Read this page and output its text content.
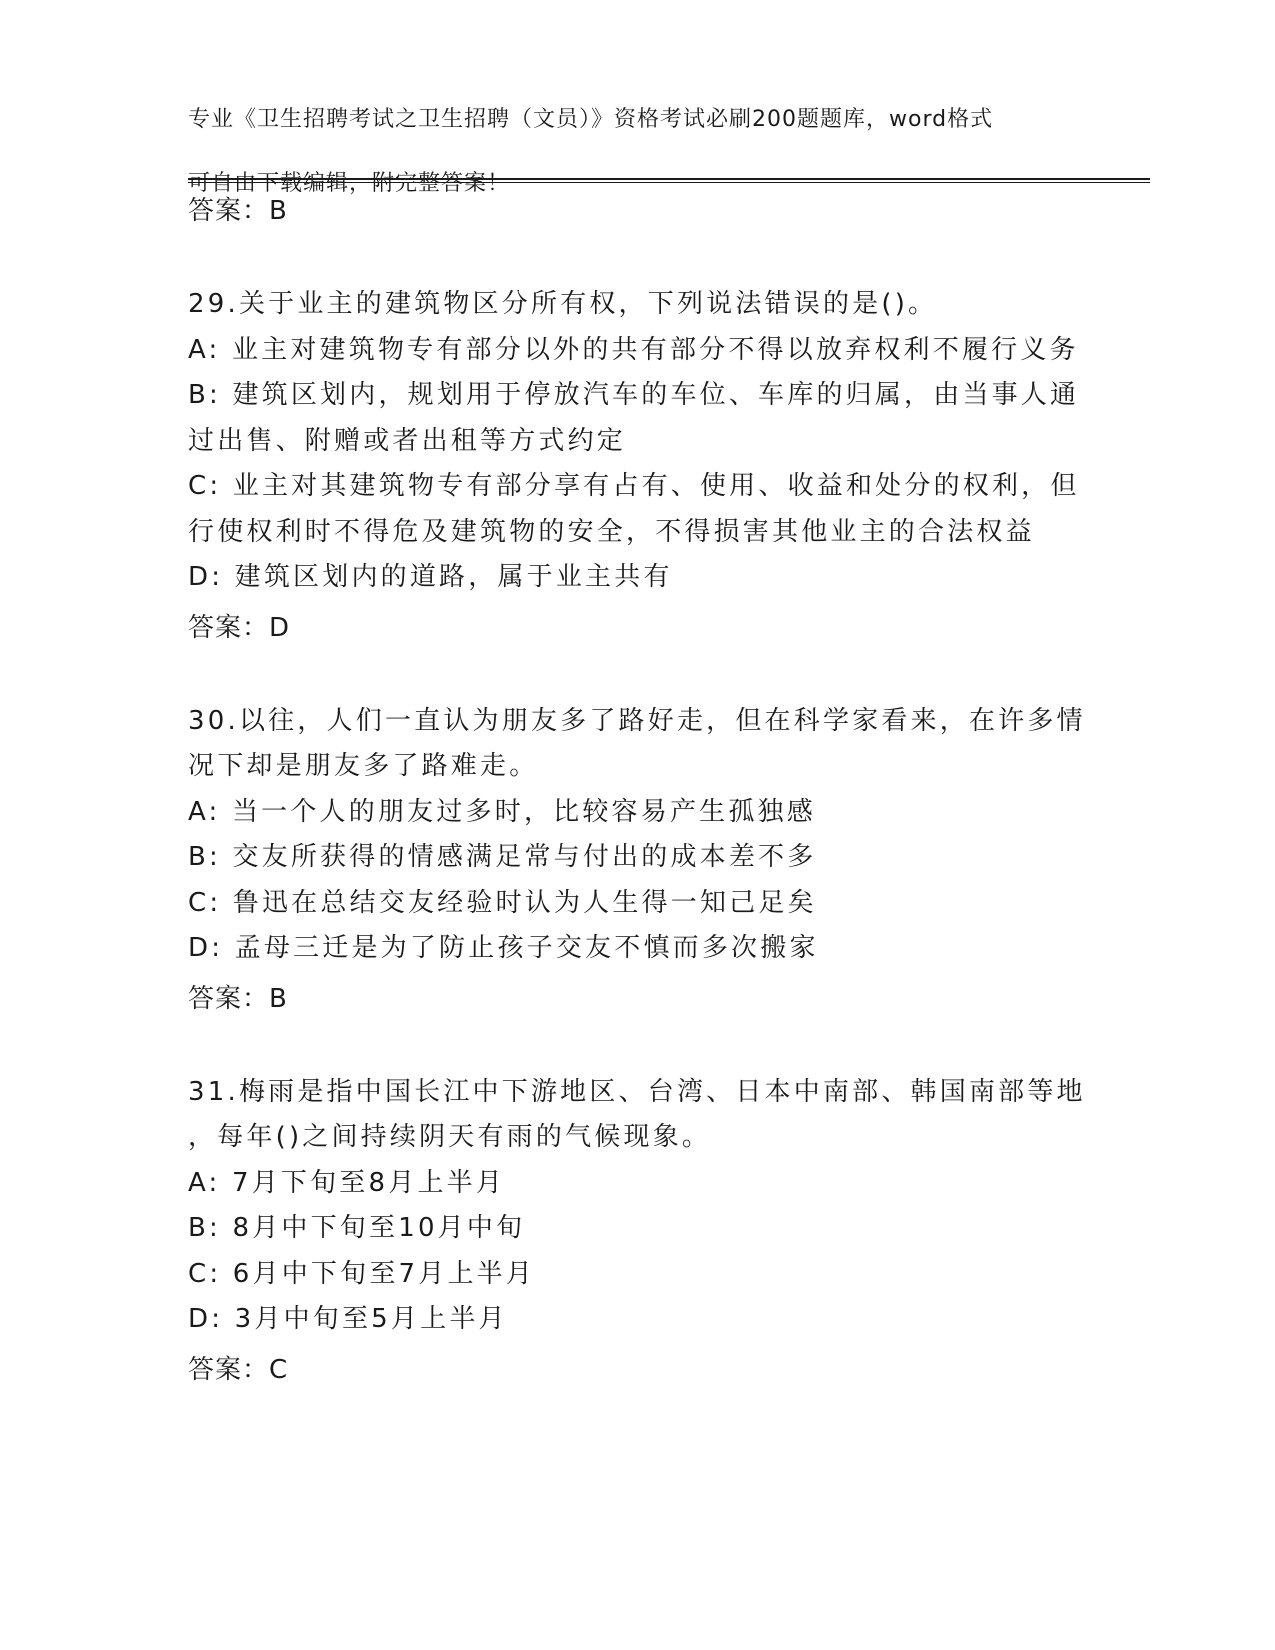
专业《卫生招聘考试之卫生招聘（文员）》资格考试必刷200题题库，word格式

可自由下载编辑，附完整答案！

答案：B
29.关于业主的建筑物区分所有权，下列说法错误的是()。
A: 业主对建筑物专有部分以外的共有部分不得以放弃权利不履行义务
B: 建筑区划内，规划用于停放汽车的车位、车库的归属，由当事人通
过出售、附赠或者出租等方式约定
C: 业主对其建筑物专有部分享有占有、使用、收益和处分的权利，但
行使权利时不得危及建筑物的安全，不得损害其他业主的合法权益
D: 建筑区划内的道路，属于业主共有
答案：D
30.以往，人们一直认为朋友多了路好走，但在科学家看来，在许多情
况下却是朋友多了路难走。
A: 当一个人的朋友过多时，比较容易产生孤独感
B: 交友所获得的情感满足常与付出的成本差不多
C: 鲁迅在总结交友经验时认为人生得一知己足矣
D: 孟母三迁是为了防止孩子交友不慎而多次搬家
答案：B
31.梅雨是指中国长江中下游地区、台湾、日本中南部、韩国南部等地
，每年()之间持续阴天有雨的气候现象。
A: 7月下旬至8月上半月
B: 8月中下旬至10月中旬
C: 6月中下旬至7月上半月
D: 3月中旬至5月上半月
答案：C
